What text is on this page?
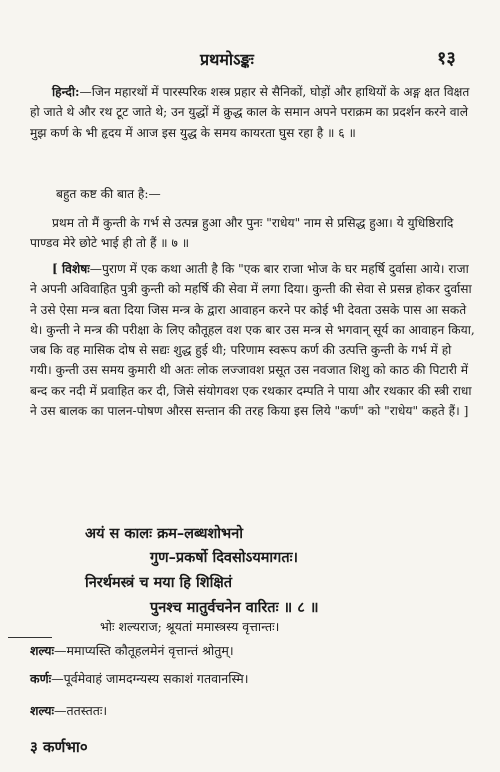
प्रथमोऽङ्कः	१३

हिन्दी:—जिन महारथों में पारस्परिक शस्त्र प्रहार से सैनिकों, घोड़ों और हाथियों के अङ्ग क्षत विक्षत हो जाते थे और रथ टूट जाते थे; उन युद्धों में क्रुद्ध काल के समान अपने पराक्रम का प्रदर्शन करने वाले मुझ कर्ण के भी हृदय में आज इस युद्ध के समय कायरता घुस रहा है ॥ ६ ॥

बहुत कष्ट की बात है:—

प्रथम तो मैं कुन्ती के गर्भ से उत्पन्न हुआ और पुनः "राधेय" नाम से प्रसिद्ध हुआ। ये युधिष्ठिरादि पाण्डव मेरे छोटे भाई ही तो हैं ॥ ७ ॥

[ विशेषः—पुराण में एक कथा आती है कि "एक बार राजा भोज के घर महर्षि दुर्वासा आये। राजा ने अपनी अविवाहित पुत्री कुन्ती को महर्षि की सेवा में लगा दिया। कुन्ती की सेवा से प्रसन्न होकर दुर्वासा ने उसे ऐसा मन्त्र बता दिया जिस मन्त्र के द्वारा आवाहन करने पर कोई भी देवता उसके पास आ सकते थे। कुन्ती ने मन्त्र की परीक्षा के लिए कौतूहल वश एक बार उस मन्त्र से भगवान् सूर्य का आवाहन किया, जब कि वह मासिक दोष से सद्यः शुद्ध हुई थी; परिणाम स्वरूप कर्ण की उत्पत्ति कुन्ती के गर्भ में हो गयी। कुन्ती उस समय कुमारी थी अतः लोक लज्जावश प्रसूत उस नवजात शिशु को काठ की पिटारी में बन्द कर नदी में प्रवाहित कर दी, जिसे संयोगवश एक रथकार दम्पति ने पाया और रथकार की स्त्री राधा ने उस बालक का पालन-पोषण औरस सन्तान की तरह किया इस लिये "कर्ण" को "राधेय" कहते हैं। ]

अयं स कालः क्रम–लब्धशोभनो
गुण–प्रकर्षो दिवसोऽयमागतः।
निरर्थमस्त्रं च मया हि शिक्षितं
पुनश्च मातुर्वचनेन वारितः ॥ ८ ॥
भोः शल्यराज; श्रूयतां ममास्त्रस्य वृत्तान्तः।
शल्यः—ममाप्यस्ति कौतूहलमेनं वृत्तान्तं श्रोतुम्।
कर्णः—पूर्वमेवाहं जामदग्न्यस्य सकाशं गतवानस्मि।
शल्यः—ततस्ततः।
३ कर्णभा०
